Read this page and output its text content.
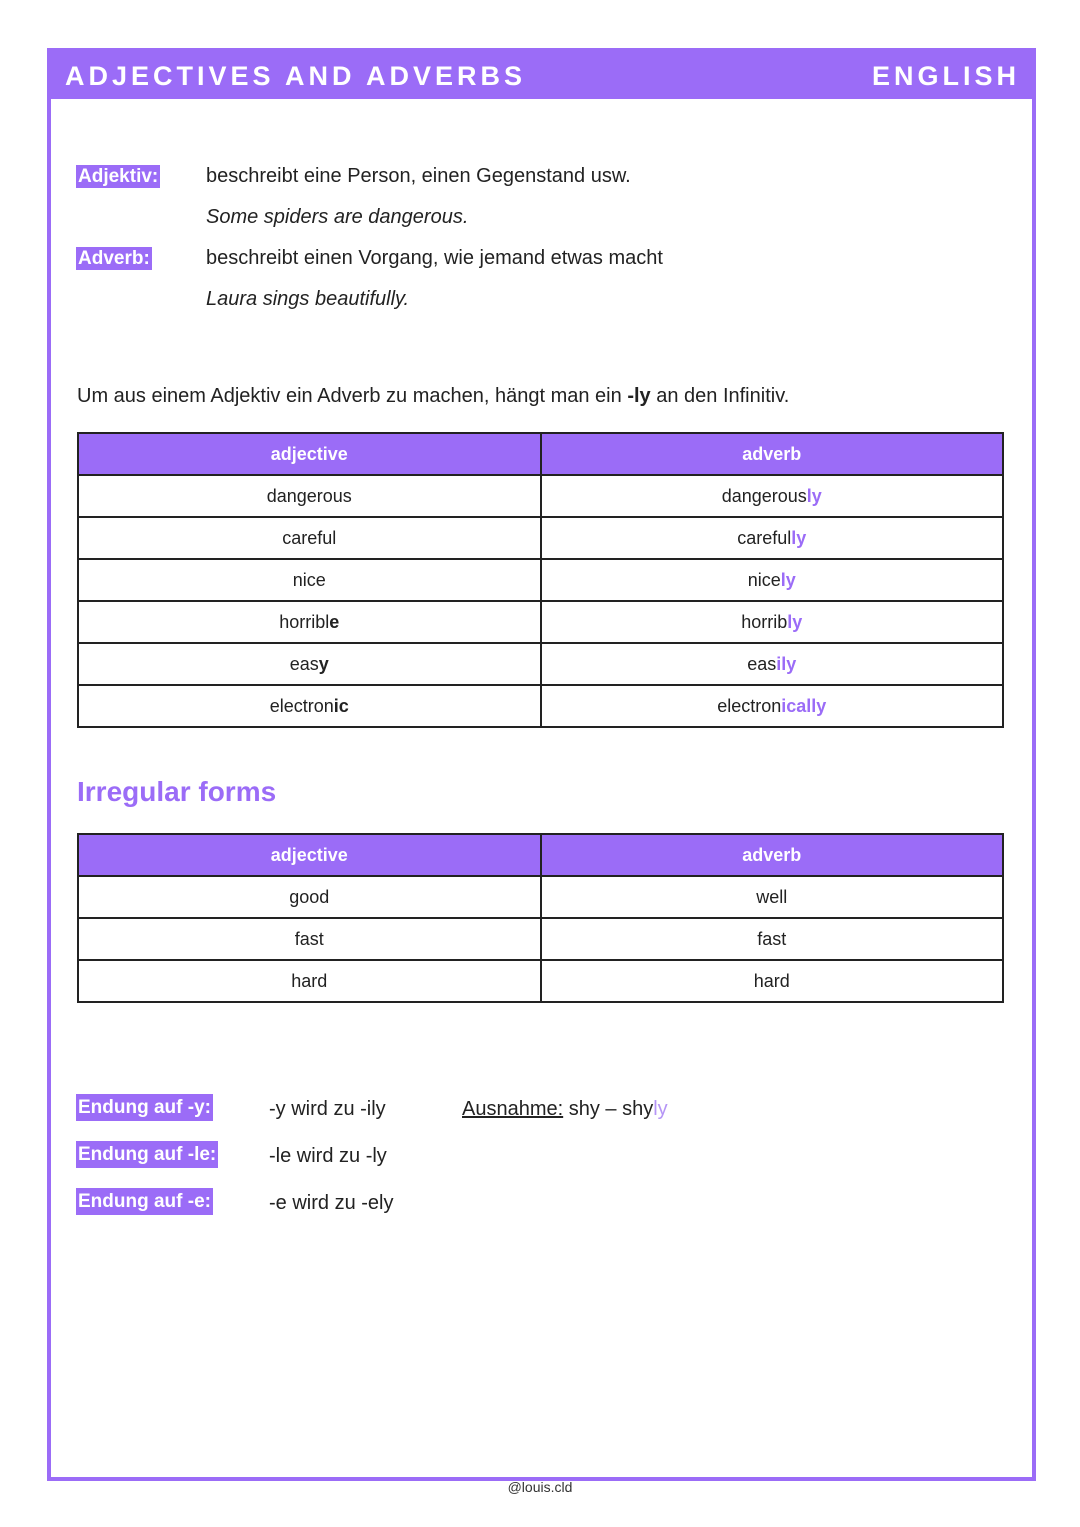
ADJECTIVES AND ADVERBS	ENGLISH
Adjektiv: beschreibt eine Person, einen Gegenstand usw.
Some spiders are dangerous.
Adverb:	beschreibt einen Vorgang, wie jemand etwas macht
Laura sings beautifully.
Um aus einem Adjektiv ein Adverb zu machen, hängt man ein -ly an den Infinitiv.
adjective	adverb
dangerous	dangerously
careful	carefully
nice	nicely
horrible	horribly
easy	easily
electronic	electronically
Irregular forms
adjective	adverb
good	well
fast	fast
hard	hard
Endung auf -y:	-y wird zu -ily	Ausnahme: shy – shyly
Endung auf -le:	-le wird zu -ly
Endung auf -e:	-e wird zu -ely
@louis.cld
